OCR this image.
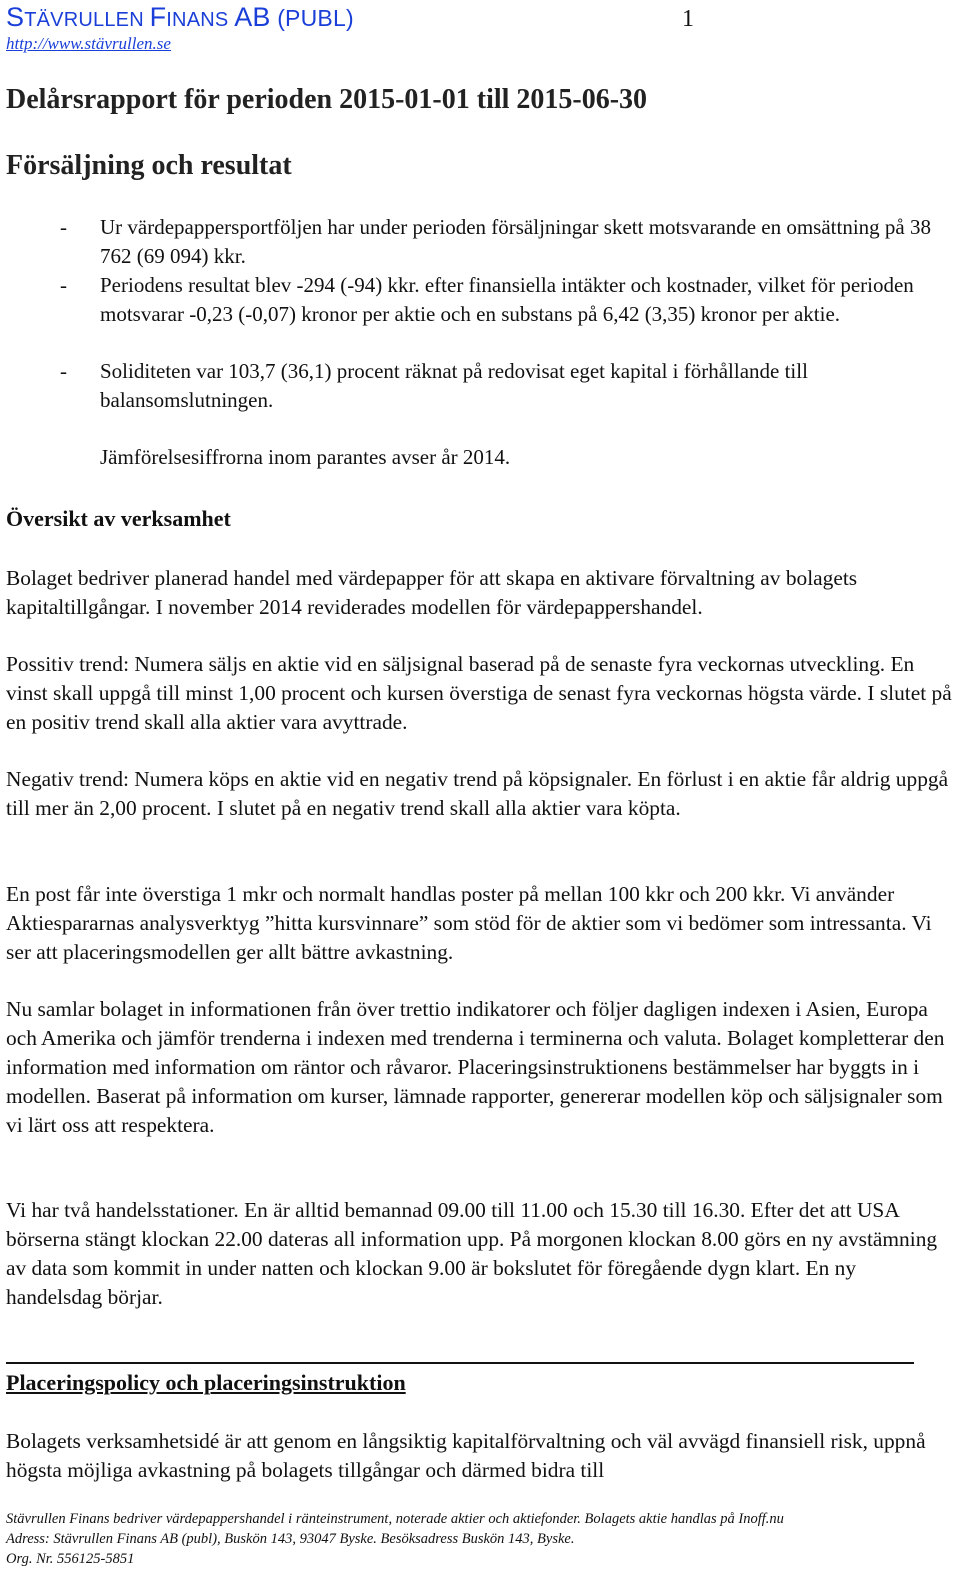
STÄVRULLEN FINANS AB (PUBL)	1
http://www.stävrullen.se
Delårsrapport för perioden 2015-01-01 till 2015-06-30
Försäljning och resultat
-	Ur värdepappersportföljen har under perioden försäljningar skett motsvarande en omsättning på 38 762 (69 094) kkr.
-	Periodens resultat blev -294 (-94) kkr. efter finansiella intäkter och kostnader, vilket för perioden motsvarar -0,23 (-0,07) kronor per aktie och en substans på 6,42 (3,35) kronor per aktie.
-	Soliditeten var 103,7 (36,1) procent räknat på redovisat eget kapital i förhållande till balansomslutningen.
Jämförelsesiffrorna inom parantes avser år 2014.
Översikt av verksamhet

Bolaget bedriver planerad handel med värdepapper för att skapa en aktivare förvaltning av bolagets kapitaltillgångar. I november 2014 reviderades modellen för värdepappershandel.

Possitiv trend: Numera säljs en aktie vid en säljsignal baserad på de senaste fyra veckornas utveckling. En vinst skall uppgå till minst 1,00 procent och kursen överstiga de senast fyra veckornas högsta värde. I slutet på en positiv trend skall alla aktier vara avyttrade.

Negativ trend: Numera köps en aktie vid en negativ trend på köpsignaler. En förlust i en aktie får aldrig uppgå till mer än 2,00 procent. I slutet på en negativ trend skall alla aktier vara köpta.

En post får inte överstiga 1 mkr och normalt handlas poster på mellan 100 kkr och 200 kkr. Vi använder Aktiespararnas analysverktyg ”hitta kursvinnare” som stöd för de aktier som vi bedömer som intressanta. Vi ser att placeringsmodellen ger allt bättre avkastning.

Nu samlar bolaget in informationen från över trettio indikatorer och följer dagligen indexen i Asien, Europa och Amerika och jämför trenderna i indexen med trenderna i terminerna och valuta. Bolaget kompletterar den information med information om räntor och råvaror. Placeringsinstruktionens bestämmelser har byggts in i modellen. Baserat på information om kurser, lämnade rapporter, genererar modellen köp och säljsignaler som vi lärt oss att respektera.

Vi har två handelsstationer. En är alltid bemannad 09.00 till 11.00 och 15.30 till 16.30. Efter det att USA börserna stängt klockan 22.00 dateras all information upp. På morgonen klockan 8.00 görs en ny avstämning av data som kommit in under natten och klockan 9.00 är bokslutet för föregående dygn klart. En ny handelsdag börjar.

Placeringspolicy och placeringsinstruktion

Bolagets verksamhetsidé är att genom en långsiktig kapitalförvaltning och väl avvägd finansiell risk, uppnå högsta möjliga avkastning på bolagets tillgångar och därmed bidra till

Stävrullen Finans bedriver värdepappershandel i ränteinstrument, noterade aktier och aktiefonder. Bolagets aktie handlas på Inoff.nu
Adress: Stävrullen Finans AB (publ), Buskön 143, 93047 Byske. Besöksadress Buskön 143, Byske.
Org. Nr. 556125-5851
